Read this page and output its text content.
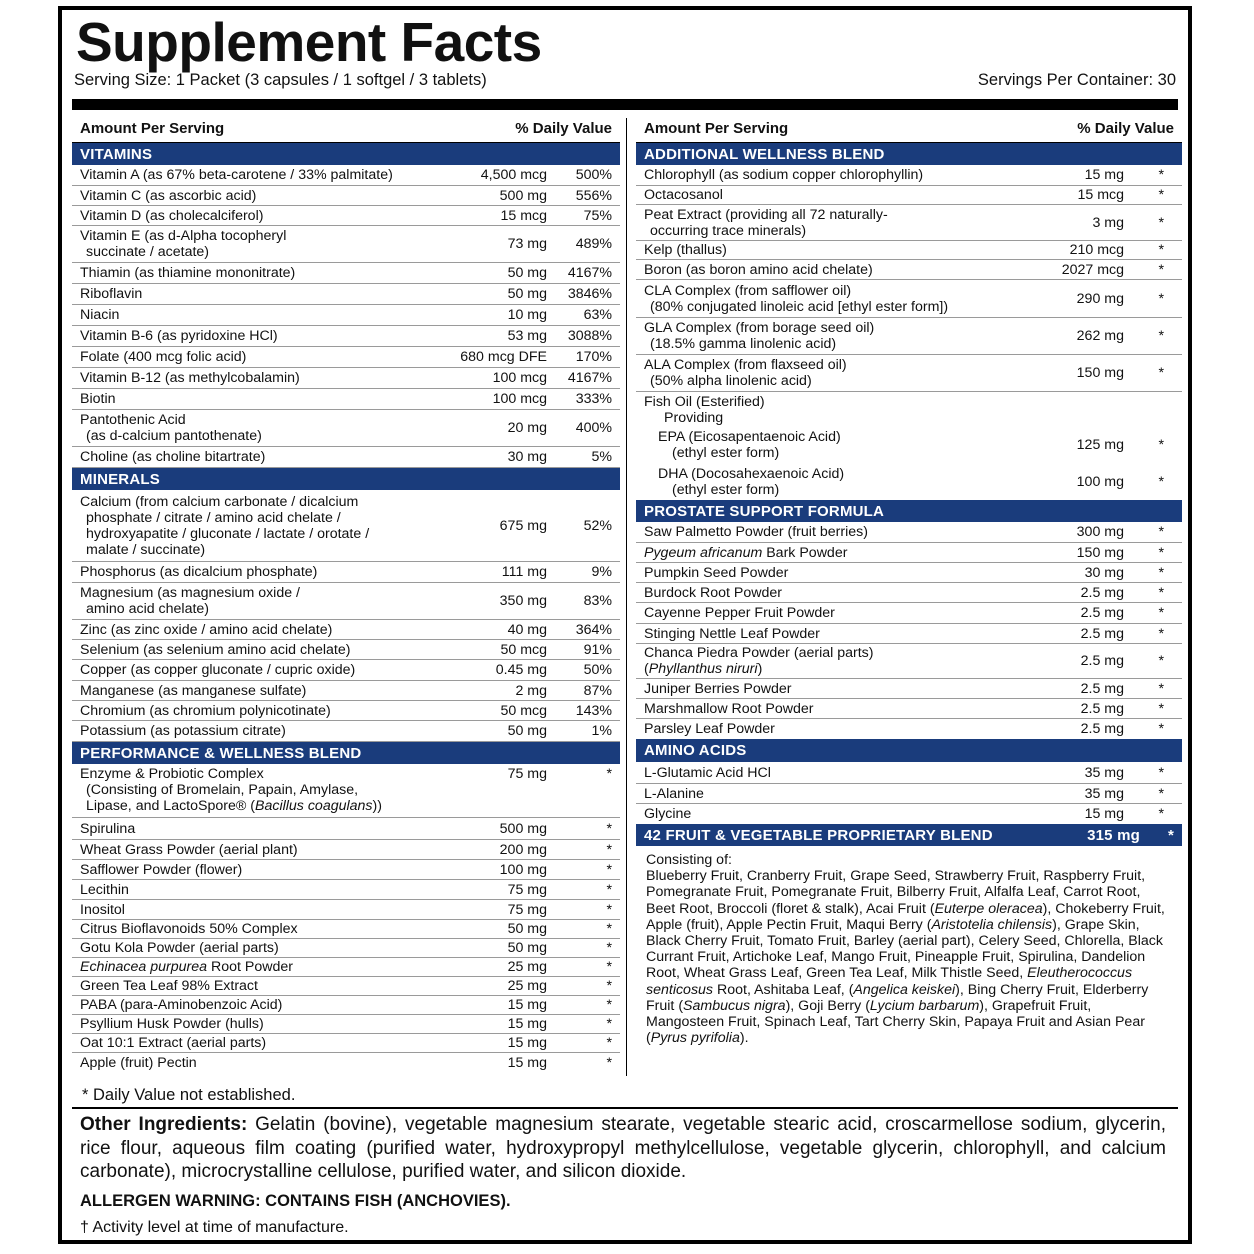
Supplement Facts
Serving Size: 1 Packet (3 capsules / 1 softgel / 3 tablets)	Servings Per Container: 30
Amount Per Serving	% Daily Value
VITAMINS
Vitamin A (as 67% beta-carotene / 33% palmitate)	4,500 mcg	500%
Vitamin C (as ascorbic acid)	500 mg	556%
Vitamin D (as cholecalciferol)	15 mcg	75%
Vitamin E (as d-Alpha tocopheryl
succinate / acetate)	73 mg	489%
Thiamin (as thiamine mononitrate)	50 mg	4167%
Riboflavin	50 mg	3846%
Niacin	10 mg	63%
Vitamin B-6 (as pyridoxine HCl)	53 mg	3088%
Folate (400 mcg folic acid)	680 mcg DFE	170%
Vitamin B-12 (as methylcobalamin)	100 mcg	4167%
Biotin	100 mcg	333%
Pantothenic Acid
(as d-calcium pantothenate)	20 mg	400%
Choline (as choline bitartrate)	30 mg	5%
MINERALS
Calcium (from calcium carbonate / dicalcium
phosphate / citrate / amino acid chelate /
hydroxyapatite / gluconate / lactate / orotate /
malate / succinate)
675 mg	52%
Phosphorus (as dicalcium phosphate)	111 mg	9%
Magnesium (as magnesium oxide /
amino acid chelate)	350 mg	83%
Zinc (as zinc oxide / amino acid chelate)	40 mg	364%
Selenium (as selenium amino acid chelate)	50 mcg	91%
Copper (as copper gluconate / cupric oxide)	0.45 mg	50%
Manganese (as manganese sulfate)	2 mg	87%
Chromium (as chromium polynicotinate)	50 mcg	143%
Potassium (as potassium citrate)	50 mg	1%
PERFORMANCE & WELLNESS BLEND
Enzyme & Probiotic Complex
(Consisting of Bromelain, Papain, Amylase,
Lipase, and LactoSpore® (Bacillus coagulans))
75 mg	*
Spirulina	500 mg	*
Wheat Grass Powder (aerial plant)	200 mg	*
Safflower Powder (flower)	100 mg	*
Lecithin	75 mg	*
Inositol	75 mg	*
Citrus Bioflavonoids 50% Complex	50 mg	*
Gotu Kola Powder (aerial parts)	50 mg	*
Echinacea purpurea Root Powder	25 mg	*
Green Tea Leaf 98% Extract	25 mg	*
PABA (para-Aminobenzoic Acid)	15 mg	*
Psyllium Husk Powder (hulls)	15 mg	*
Oat 10:1 Extract (aerial parts)	15 mg	*
Apple (fruit) Pectin	15 mg	*
Amount Per Serving	% Daily Value
ADDITIONAL WELLNESS BLEND
Chlorophyll (as sodium copper chlorophyllin)	15 mg	*
Octacosanol	15 mcg	*
Peat Extract (providing all 72 naturally-
occurring trace minerals)	3 mg	*
Kelp (thallus)	210 mcg	*
Boron (as boron amino acid chelate)	2027 mcg	*
CLA Complex (from safflower oil)
(80% conjugated linoleic acid [ethyl ester form])	290 mg	*
GLA Complex (from borage seed oil)
(18.5% gamma linolenic acid)	262 mg	*
ALA Complex (from flaxseed oil)
(50% alpha linolenic acid)	150 mg	*
Fish Oil (Esterified)
Providing
EPA (Eicosapentaenoic Acid)
(ethyl ester form)	125 mg	*
DHA (Docosahexaenoic Acid)
(ethyl ester form)	100 mg	*
PROSTATE SUPPORT FORMULA
Saw Palmetto Powder (fruit berries)	300 mg	*
Pygeum africanum Bark Powder	150 mg	*
Pumpkin Seed Powder	30 mg	*
Burdock Root Powder	2.5 mg	*
Cayenne Pepper Fruit Powder	2.5 mg	*
Stinging Nettle Leaf Powder	2.5 mg	*
Chanca Piedra Powder (aerial parts)
(Phyllanthus niruri)	2.5 mg	*
Juniper Berries Powder	2.5 mg	*
Marshmallow Root Powder	2.5 mg	*
Parsley Leaf Powder	2.5 mg	*
AMINO ACIDS
L-Glutamic Acid HCl	35 mg	*
L-Alanine	35 mg	*
Glycine	15 mg	*
42 FRUIT & VEGETABLE PROPRIETARY BLEND	315 mg	*
Consisting of:
Blueberry Fruit, Cranberry Fruit, Grape Seed, Strawberry Fruit, Raspberry Fruit, Pomegranate Fruit, Pomegranate Fruit, Bilberry Fruit, Alfalfa Leaf, Carrot Root, Beet Root, Broccoli (floret & stalk), Acai Fruit (Euterpe oleracea), Chokeberry Fruit, Apple (fruit), Apple Pectin Fruit, Maqui Berry (Aristotelia chilensis), Grape Skin, Black Cherry Fruit, Tomato Fruit, Barley (aerial part), Celery Seed, Chlorella, Black Currant Fruit, Artichoke Leaf, Mango Fruit, Pineapple Fruit, Spirulina, Dandelion Root, Wheat Grass Leaf, Green Tea Leaf, Milk Thistle Seed, Eleutherococcus senticosus Root, Ashitaba Leaf, (Angelica keiskei), Bing Cherry Fruit, Elderberry Fruit (Sambucus nigra), Goji Berry (Lycium barbarum), Grapefruit Fruit, Mangosteen Fruit, Spinach Leaf, Tart Cherry Skin, Papaya Fruit and Asian Pear (Pyrus pyrifolia).
* Daily Value not established.
Other Ingredients: Gelatin (bovine), vegetable magnesium stearate, vegetable stearic acid, croscarmellose sodium, glycerin, rice flour, aqueous film coating (purified water, hydroxypropyl methylcellulose, vegetable glycerin, chlorophyll, and calcium carbonate), microcrystalline cellulose, purified water, and silicon dioxide.
ALLERGEN WARNING: CONTAINS FISH (ANCHOVIES).
† Activity level at time of manufacture.
